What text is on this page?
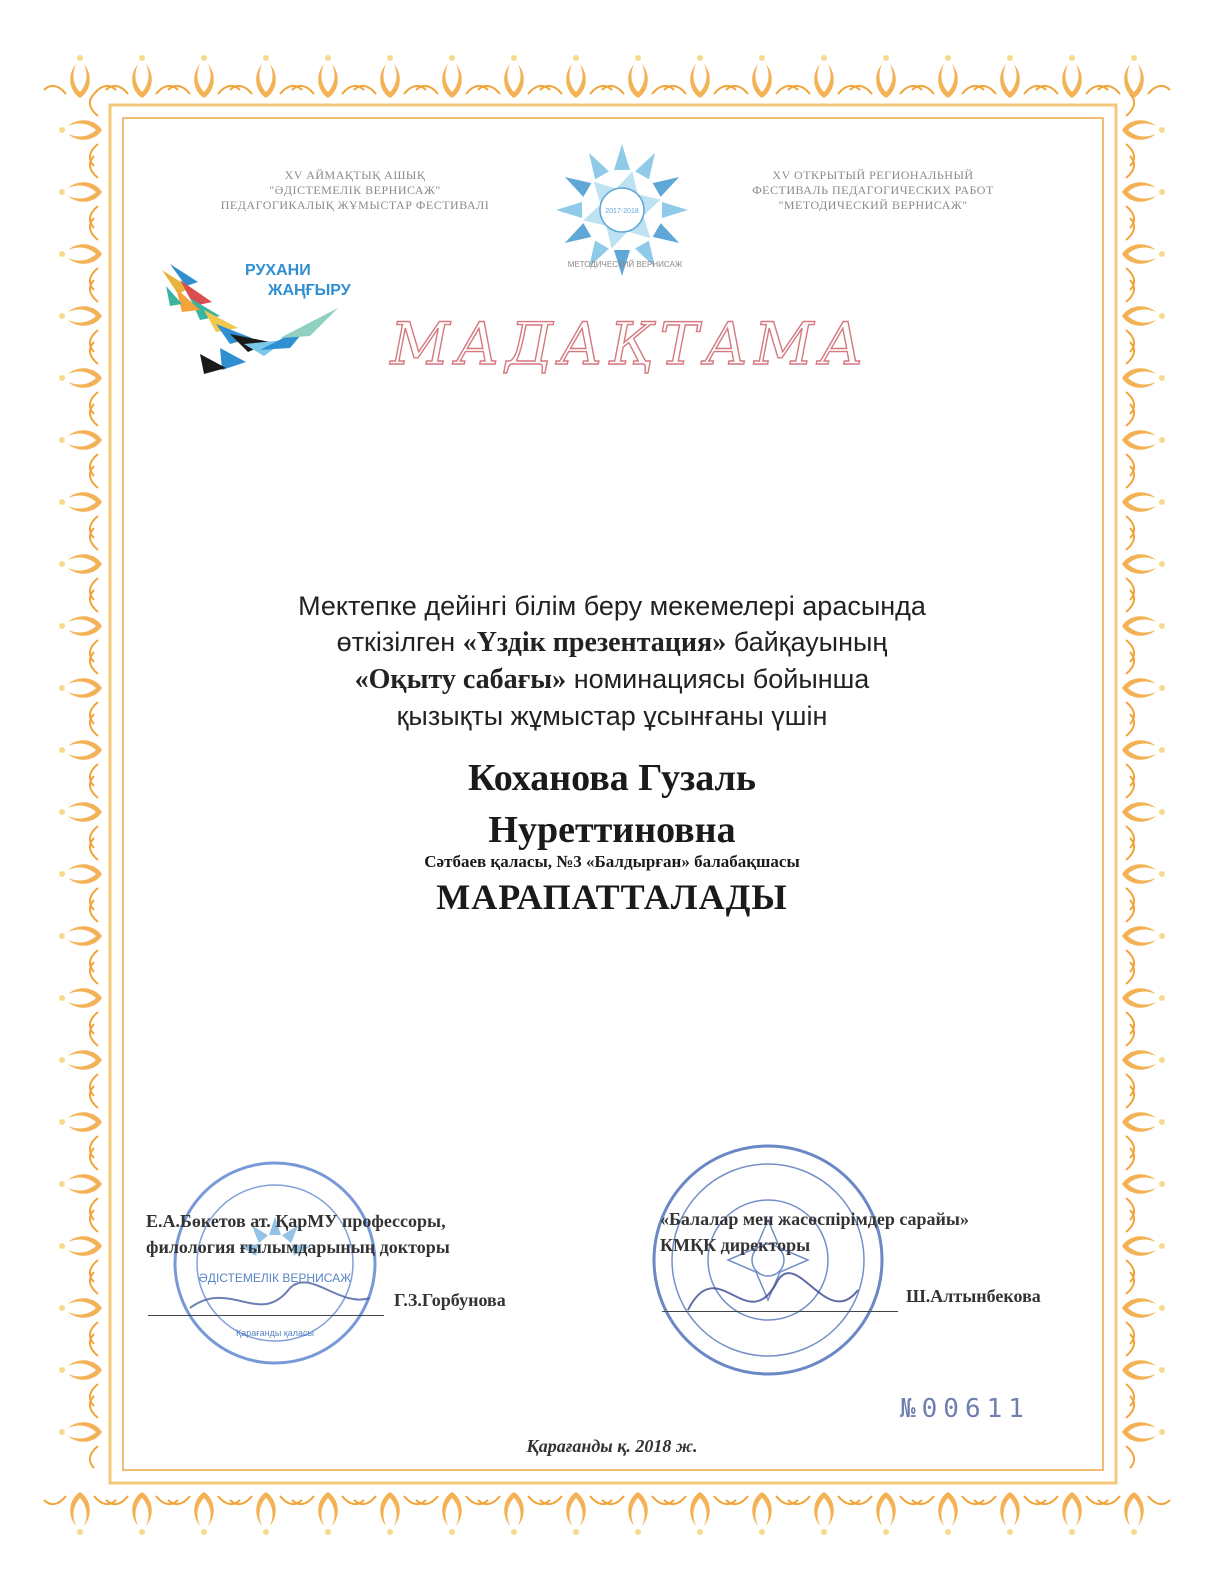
XV АЙМАҚТЫҚ АШЫҚ
"ӘДІСТЕМЕЛІК ВЕРНИСАЖ"
ПЕДАГОГИКАЛЫҚ ЖҰМЫСТАР ФЕСТИВАЛІ	2017-2018
МЕТОДИЧЕСКИЙ ВЕРНИСАЖ
XV ОТКРЫТЫЙ РЕГИОНАЛЬНЫЙ
ФЕСТИВАЛЬ ПЕДАГОГИЧЕСКИХ РАБОТ
"МЕТОДИЧЕСКИЙ ВЕРНИСАЖ"
РУХАНИ
ЖАҢҒЫРУ
МАДАҚТАМА
Мектепке дейінгі білім беру мекемелері арасында
өткізілген «Үздік презентация» байқауының
«Оқыту сабағы» номинациясы бойынша
қызықты жұмыстар ұсынғаны үшін
Коханова Гузаль
Нуреттиновна
Сәтбаев қаласы, №3 «Балдырған» балабақшасы
МАРАПАТТАЛАДЫ
ӘДІСТЕМЕЛІК ВЕРНИСАЖ
Қарағанды қаласы
Е.А.Бөкетов ат. ҚарМУ профессоры,
филология ғылымдарының докторы
Г.З.Горбунова
«Балалар мен жасөспірімдер сарайы»
КМҚК директоры
Ш.Алтынбекова
№00611
Қарағанды қ. 2018 ж.
